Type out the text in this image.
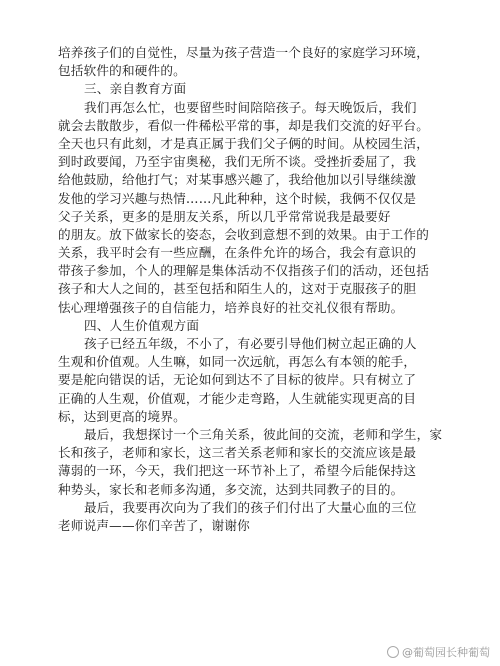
培养孩子们的自觉性，尽量为孩子营造一个良好的家庭学习环境，
包括软件的和硬件的。
三、亲自教育方面
我们再怎么忙，也要留些时间陪陪孩子。每天晚饭后，我们
就会去散散步，看似一件稀松平常的事，却是我们交流的好平台。
全天也只有此刻，才是真正属于我们父子俩的时间。从校园生活，
到时政要闻，乃至宇宙奥秘，我们无所不谈。受挫折委屈了，我
给他鼓励，给他打气；对某事感兴趣了，我给他加以引导继续激
发他的学习兴趣与热情……凡此种种，这个时候，我俩不仅仅是
父子关系，更多的是朋友关系，所以几乎常常说我是最要好
的朋友。放下做家长的姿态，会收到意想不到的效果。由于工作的
关系，我平时会有一些应酬，在条件允许的场合，我会有意识的
带孩子参加，个人的理解是集体活动不仅指孩子们的活动，还包括
孩子和大人之间的，甚至包括和陌生人的，这对于克服孩子的胆
怯心理增强孩子的自信能力，培养良好的社交礼仪很有帮助。
四、人生价值观方面
孩子已经五年级，不小了，有必要引导他们树立起正确的人
生观和价值观。人生嘛，如同一次远航，再怎么有本领的舵手，
要是舵向错误的话，无论如何到达不了目标的彼岸。只有树立了
正确的人生观，价值观，才能少走弯路，人生就能实现更高的目
标，达到更高的境界。
最后，我想探讨一个三角关系，彼此间的交流，老师和学生，家
长和孩子，老师和家长，这三者关系老师和家长的交流应该是最
薄弱的一环，今天，我们把这一环节补上了，希望今后能保持这
种势头，家长和老师多沟通，多交流，达到共同教子的目的。
最后，我要再次向为了我们的孩子们付出了大量心血的三位
老师说声——你们辛苦了，谢谢你
@葡萄园长种葡萄
